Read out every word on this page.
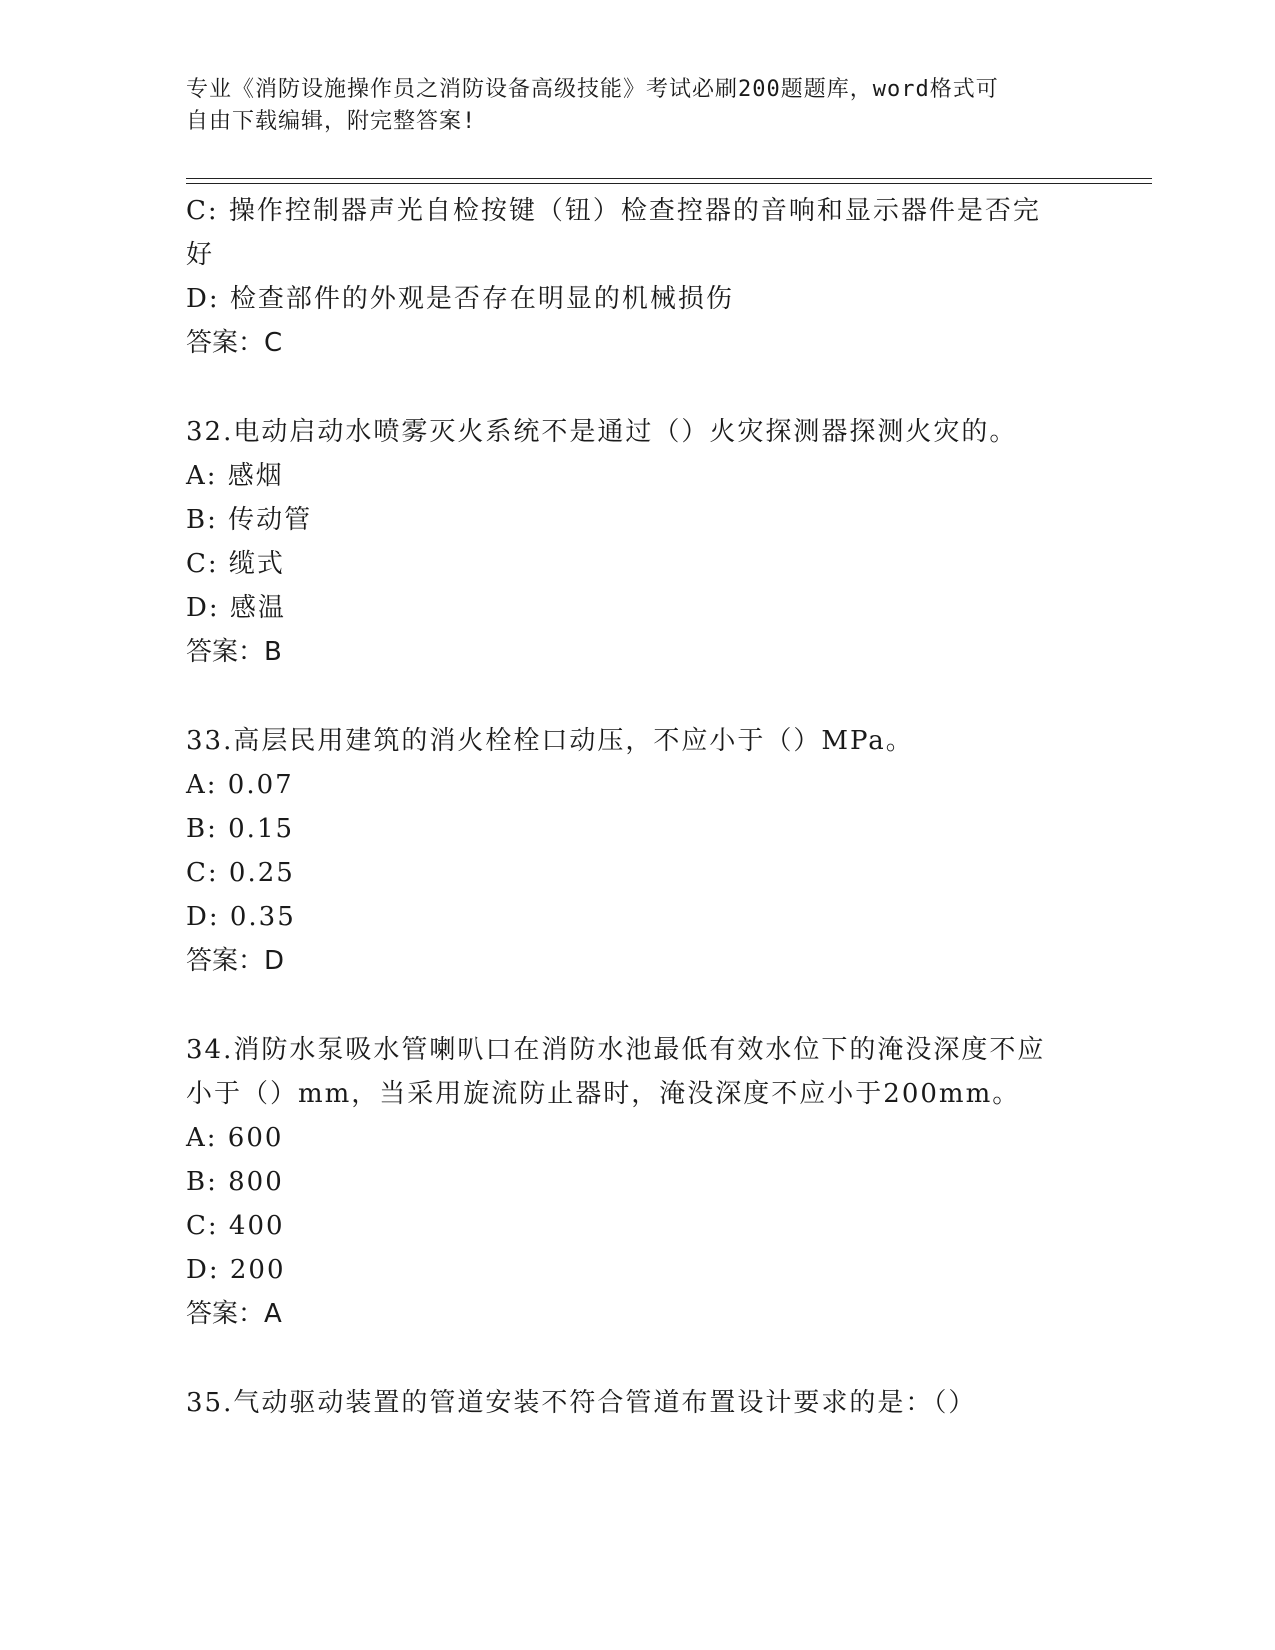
专业《消防设施操作员之消防设备高级技能》考试必刷200题题库，word格式可
自由下载编辑，附完整答案!
C: 操作控制器声光自检按键（钮）检查控器的音响和显示器件是否完
好
D: 检查部件的外观是否存在明显的机械损伤
答案：C
32.电动启动水喷雾灭火系统不是通过（）火灾探测器探测火灾的。
A: 感烟
B: 传动管
C: 缆式
D: 感温
答案：B
33.高层民用建筑的消火栓栓口动压，不应小于（）MPa。
A: 0.07
B: 0.15
C: 0.25
D: 0.35
答案：D
34.消防水泵吸水管喇叭口在消防水池最低有效水位下的淹没深度不应
小于（）mm，当采用旋流防止器时，淹没深度不应小于200mm。
A: 600
B: 800
C: 400
D: 200
答案：A
35.气动驱动装置的管道安装不符合管道布置设计要求的是：（）
